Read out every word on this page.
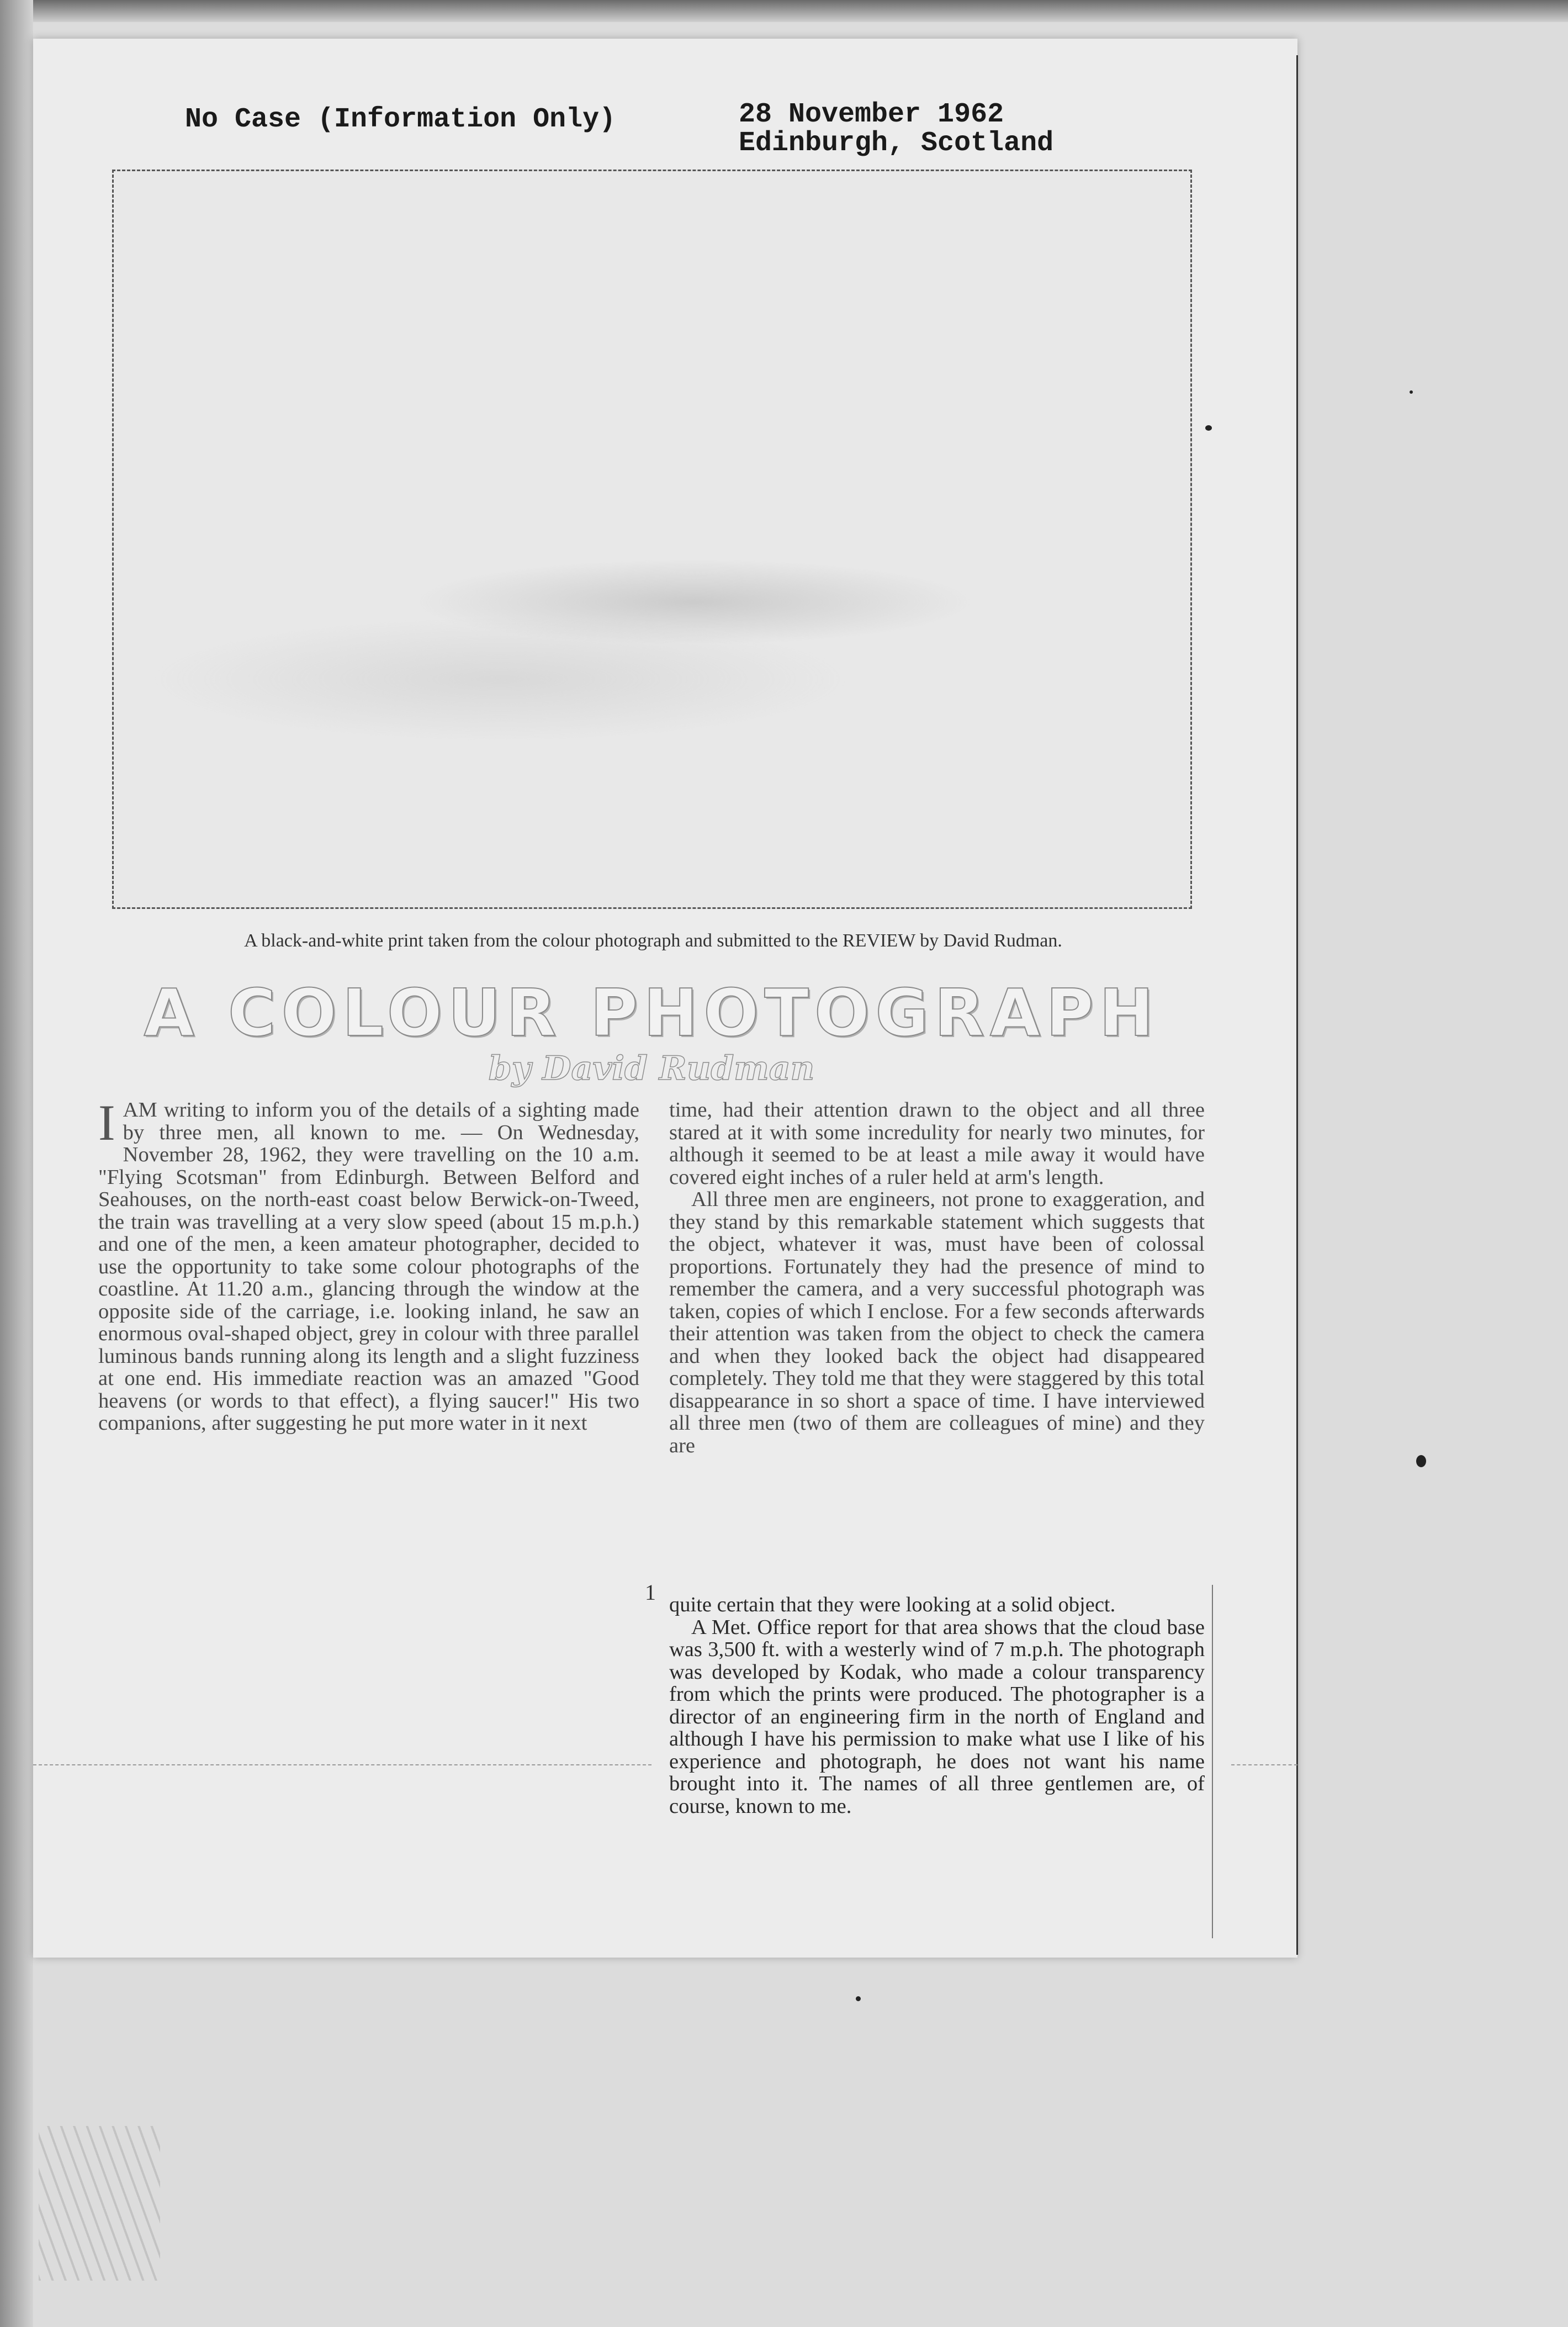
No Case (Information Only)	28 November 1962
Edinburgh, Scotland
A black-and-white print taken from the colour photograph and submitted to the REVIEW by David Rudman.
A COLOUR PHOTOGRAPH
by David Rudman

IAM writing to inform you of the details of a sighting made by three men, all known to me. — On Wednesday, November 28, 1962, they were travelling on the 10 a.m. "Flying Scotsman" from Edinburgh. Between Belford and Seahouses, on the north-east coast below Berwick-on-Tweed, the train was travelling at a very slow speed (about 15 m.p.h.) and one of the men, a keen amateur photographer, decided to use the opportunity to take some colour photographs of the coastline. At 11.20 a.m., glancing through the window at the opposite side of the carriage, i.e. looking inland, he saw an enormous oval-shaped object, grey in colour with three parallel luminous bands running along its length and a slight fuzziness at one end. His immediate reaction was an amazed "Good heavens (or words to that effect), a flying saucer!" His two companions, after suggesting he put more water in it next

time, had their attention drawn to the object and all three stared at it with some incredulity for nearly two minutes, for although it seemed to be at least a mile away it would have covered eight inches of a ruler held at arm's length.

All three men are engineers, not prone to exaggeration, and they stand by this remarkable statement which suggests that the object, whatever it was, must have been of colossal proportions. Fortunately they had the presence of mind to remember the camera, and a very successful photograph was taken, copies of which I enclose. For a few seconds afterwards their attention was taken from the object to check the camera and when they looked back the object had disappeared completely. They told me that they were staggered by this total disappearance in so short a space of time. I have interviewed all three men (two of them are colleagues of mine) and they are

1 quite certain that they were looking at a solid object.

A Met. Office report for that area shows that the cloud base was 3,500 ft. with a westerly wind of 7 m.p.h. The photograph was developed by Kodak, who made a colour transparency from which the prints were produced. The photographer is a director of an engineering firm in the north of England and although I have his permission to make what use I like of his experience and photograph, he does not want his name brought into it. The names of all three gentlemen are, of course, known to me.
